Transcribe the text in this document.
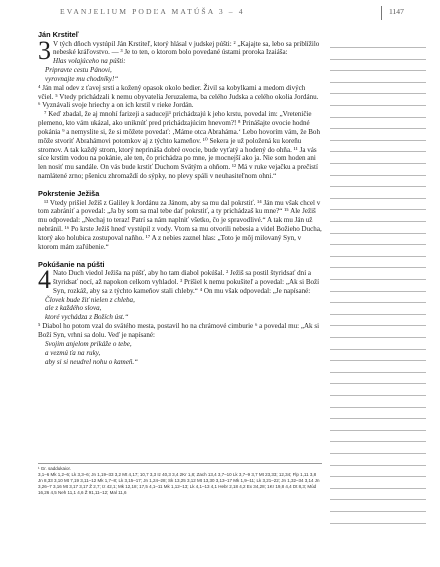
EVANJELIUM PODĽA MATÚŠA 3 – 4	1147
Ján Krstiteľ
3 V tých dňoch vystúpil Ján Krstiteľ, ktorý hlásal v judskej púšti: ² „Kajajte sa, lebo sa priblížilo nebeské kráľovstvo. — ³ Je to ten, o ktorom bolo povedané ústami proroka Izaiáša:

Hlas volajúceho na púšti:
Pripravte cestu Pánovi,
vyrovnajte mu chodníky!“

⁴ Ján mal odev z ťavej srsti a kožený opasok okolo bedier. Živil sa kobylkami a medom divých včiel. ⁵ Vtedy prichádzali k nemu obyvatelia Jeruzalema, ba celého Judska a celého okolia Jordánu. ⁶ Vyznávali svoje hriechy a on ich krstil v rieke Jordán.

⁷ Keď zbadal, že aj mnohí farizeji a saduceji¹ prichádzajú k jeho krstu, povedal im: „Vreteničie plemeno, kto vám ukázal, ako uniknúť pred prichádzajúcim hnevom?! ⁸ Prinášajte ovocie hodné pokánia ⁹ a nemyslite si, že si môžete povedať: ‚Máme otca Abraháma.‘ Lebo hovorím vám, že Boh môže stvoriť Abrahámovi potomkov aj z týchto kameňov. ¹⁰ Sekera je už položená ku koreňu stromov. A tak každý strom, ktorý neprináša dobré ovocie, bude vyťatý a hodený do ohňa. ¹¹ Ja vás síce krstím vodou na pokánie, ale ten, čo prichádza po mne, je mocnejší ako ja. Nie som hoden ani len nosiť mu sandále. On vás bude krstiť Duchom Svätým a ohňom. ¹² Má v ruke vejačku a prečistí namlátené zrno; pšenicu zhromaždí do sýpky, no plevy spáli v neuhasiteľnom ohni.“

Pokrstenie Ježiša

¹³ Vtedy prišiel Ježiš z Galiley k Jordánu za Jánom, aby sa mu dal pokrstiť. ¹⁴ Ján mu však chcel v tom zabrániť a povedal: „Ja by som sa mal tebe dať pokrstiť, a ty prichádzaš ku mne?“ ¹⁵ Ale Ježiš mu odpovedal: „Nechaj to teraz! Patrí sa nám naplniť všetko, čo je spravodlivé.“ A tak mu Ján už nebránil. ¹⁶ Po krste Ježiš hneď vystúpil z vody. Vtom sa mu otvorili nebesia a videl Božieho Ducha, ktorý ako holubica zostupoval naňho. ¹⁷ A z nebies zaznel hlas: „Toto je môj milovaný Syn, v ktorom mám zaľúbenie.“

Pokúšanie na púšti
4 Nato Duch viedol Ježiša na púšť, aby ho tam diabol pokúšal. ² Ježiš sa postil štyridsať dní a štyridsať nocí, až napokon celkom vyhladol. ³ Prišiel k nemu pokušiteľ a povedal: „Ak si Boží Syn, rozkáž, aby sa z týchto kameňov stali chleby.“ ⁴ On mu však odpovedal: „Je napísané:

Človek bude žiť nielen z chleba,
ale z každého slova,
ktoré vychádza z Božích úst.“

⁵ Diabol ho potom vzal do svätého mesta, postavil ho na chrámové cimburie ⁶ a povedal mu: „Ak si Boží Syn, vrhni sa dolu. Veď je napísané:

Svojim anjelom prikáže o tebe,
a vezmú ťa na ruky,
aby si si neudrel nohu o kameň.“
¹ Gr. saddukaior.
3,1–6 Mk 1,2–6; Lk 3,3–6; Jn 1,19–33 3,2 Mt 4,17; 10,7 3,3 Iz 40,3 3,4 2Kr 1,8; Zach 13,4 3,7–10 Lk 3,7–9 3,7 Mt 23,33; 12,34; Flp 1,11 3,8 Jn 8,33 3,10 Mt 7,19 3,11–12 Mk 1,7–8; Lk 3,15–17; Jn 1,24–28; Sk 13,25 3,12 Mt 13,30 3,13–17 Mk 1,9–11; Lk 3,21–22; Jn 1,32–34 3,14 Jn 3,26–7 3,16 Mt 3,17 3,17 Ž 2,7; Iz 42,1; Mk 12,18; 17,5 4,1–11 Mk 1,12–13; Lk 4,1–13 4,1 Hebr 2,18 4,2 Ex 34,28; 1Kr 19,8 4,4 Dt 8,3; Múd 16,26 4,5 Neh 11,1 4,6 Ž 91,11–12; Mal 11,6
